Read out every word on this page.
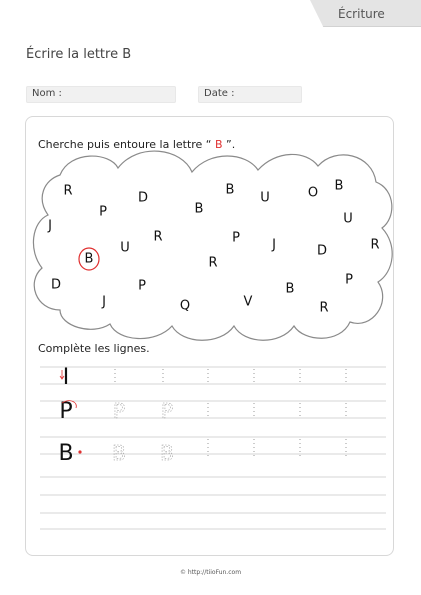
Écriture
Écrire la lettre B
Nom :	Date :
Cherche puis entoure la lettre “ B ”.
Complète les lignes.
R
P
D
B
U
B
O B
J	U
U	R
P J	D
R
B	R
D
J
P
Q	V
B
R
P
I
P P P
B B B
© http://tiioFun.com
